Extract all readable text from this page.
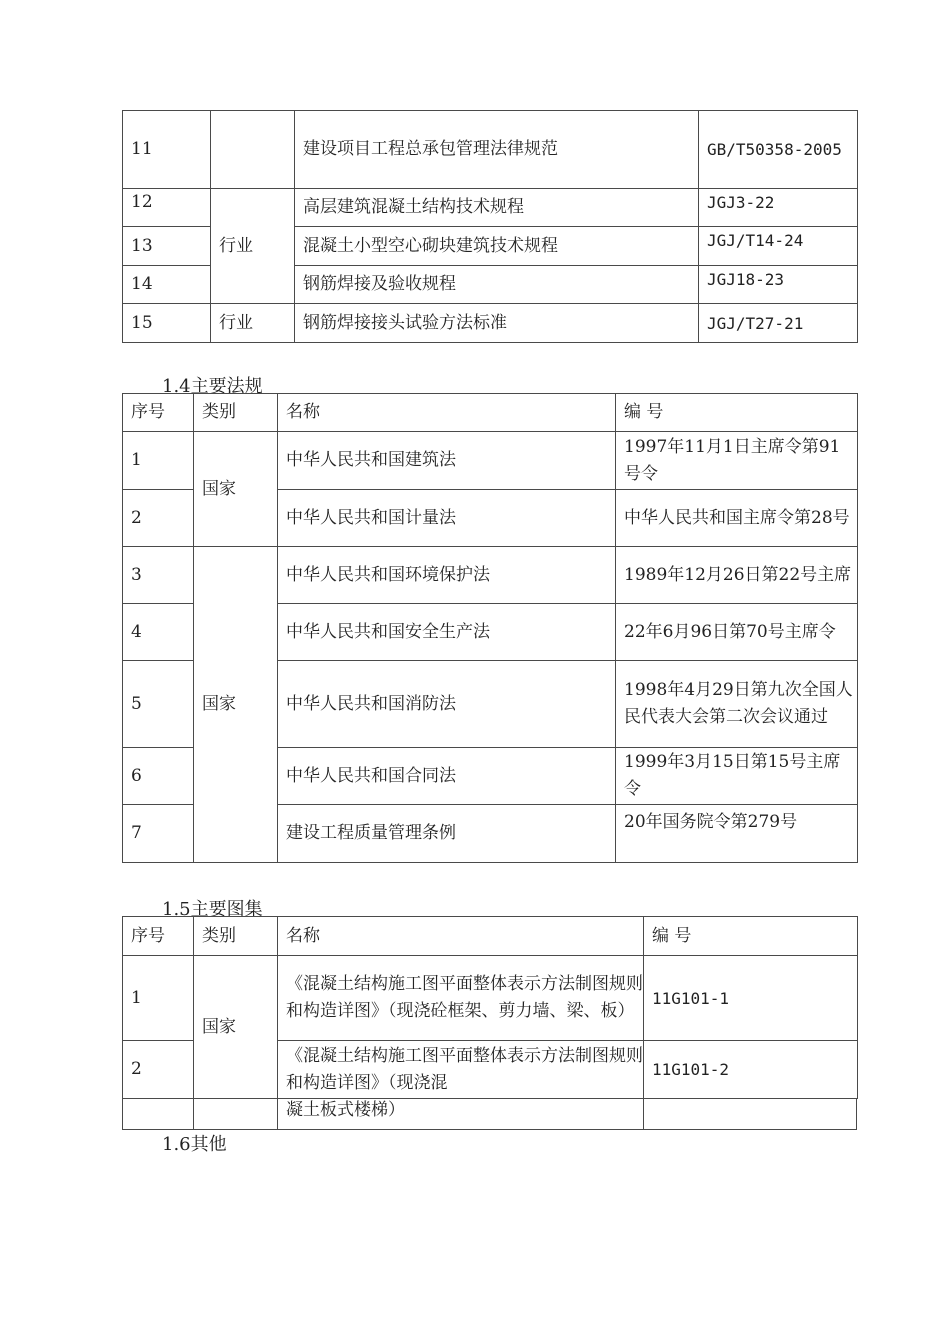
11		建设项目工程总承包管理法律规范	GB/T50358-2005
12	行业	高层建筑混凝土结构技术规程	JGJ3-22
13		混凝土小型空心砌块建筑技术规程	JGJ/T14-24
14		钢筋焊接及验收规程	JGJ18-23
15	行业	钢筋焊接接头试验方法标准	JGJ/T27-21
1.4主要法规
序号	类别	名称	编 号
1	国家	中华人民共和国建筑法	1997年11月1日主席令第91号令
2		中华人民共和国计量法	中华人民共和国主席令第28号
3	国家	中华人民共和国环境保护法	1989年12月26日第22号主席
4		中华人民共和国安全生产法	22年6月96日第70号主席令
5		中华人民共和国消防法	1998年4月29日第九次全国人民代表大会第二次会议通过
6		中华人民共和国合同法	1999年3月15日第15号主席令
7		建设工程质量管理条例	20年国务院令第279号
1.5主要图集
序号	类别	名称	编 号
1	国家	《混凝土结构施工图平面整体表示方法制图规则和构造详图》（现浇砼框架、剪力墙、梁、板）	11G101-1
2		《混凝土结构施工图平面整体表示方法制图规则和构造详图》（现浇混	11G101-2
		凝土板式楼梯）	
1.6其他
